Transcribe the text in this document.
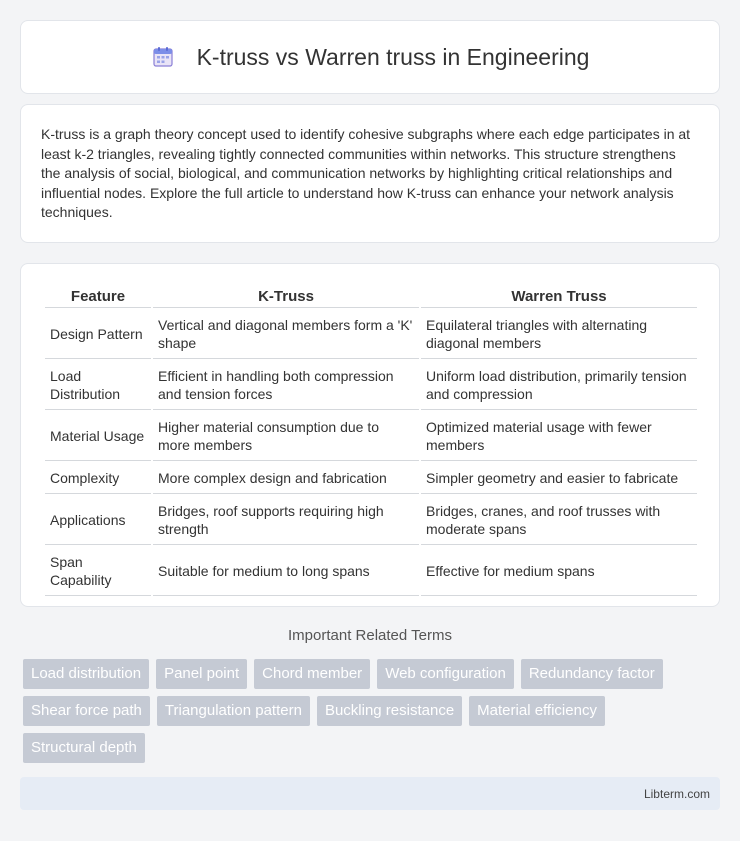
K-truss vs Warren truss in Engineering

K-truss is a graph theory concept used to identify cohesive subgraphs where each edge participates in at least k-2 triangles, revealing tightly connected communities within networks. This structure strengthens the analysis of social, biological, and communication networks by highlighting critical relationships and influential nodes. Explore the full article to understand how K-truss can enhance your network analysis techniques.

Feature	K-Truss	Warren Truss
Design Pattern	Vertical and diagonal members form a 'K' shape	Equilateral triangles with alternating diagonal members
Load Distribution	Efficient in handling both compression and tension forces	Uniform load distribution, primarily tension and compression
Material Usage	Higher material consumption due to more members	Optimized material usage with fewer members
Complexity	More complex design and fabrication	Simpler geometry and easier to fabricate
Applications	Bridges, roof supports requiring high strength	Bridges, cranes, and roof trusses with moderate spans
Span Capability	Suitable for medium to long spans	Effective for medium spans
Important Related Terms
Load distribution	Panel point	Chord member	Web configuration	Redundancy factor
Shear force path	Triangulation pattern	Buckling resistance	Material efficiency
Structural depth
Libterm.com
